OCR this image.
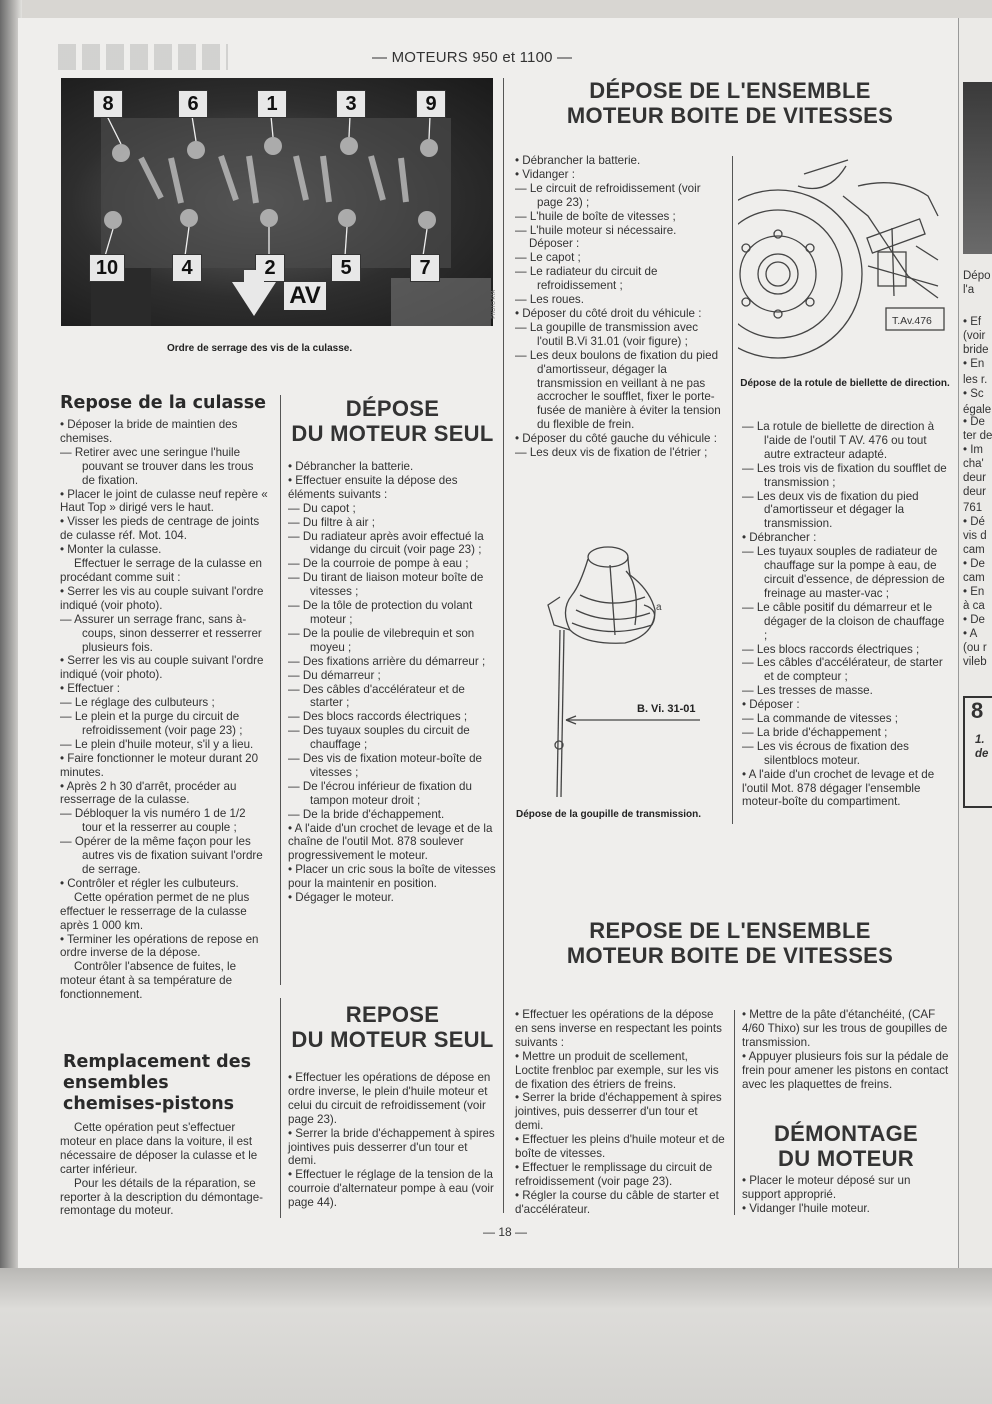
Dépo
l'a
• Ef
(voir
bride
• En
les r.
• Sc
égale
• De
ter de
• Im
cha'
deur
deur
761
• Dé
vis d
cam
• De
cam
• En
à ca
• De
• A
(ou r
vileb
8
1.
de
— MOTEURS 950 et 1100 —
8	6	1	3	9
10	4	2	5	7
AV	PHOTO RTA
Ordre de serrage des vis de la culasse.
Repose de la culasse

• Déposer la bride de maintien des chemises.

— Retirer avec une seringue l'huile pouvant se trouver dans les trous de fixation.

• Placer le joint de culasse neuf repère « Haut Top » dirigé vers le haut.

• Visser les pieds de centrage de joints de culasse réf. Mot. 104.

• Monter la culasse.

Effectuer le serrage de la culasse en procédant comme suit :

• Serrer les vis au couple suivant l'ordre indiqué (voir photo).

— Assurer un serrage franc, sans à-coups, sinon desserrer et resserrer plusieurs fois.

• Serrer les vis au couple suivant l'ordre indiqué (voir photo).

• Effectuer :

— Le réglage des culbuteurs ;

— Le plein et la purge du circuit de refroidissement (voir page 23) ;

— Le plein d'huile moteur, s'il y a lieu.

• Faire fonctionner le moteur durant 20 minutes.

• Après 2 h 30 d'arrêt, procéder au resserrage de la culasse.

— Débloquer la vis numéro 1 de 1/2 tour et la resserrer au couple ;

— Opérer de la même façon pour les autres vis de fixation suivant l'ordre de serrage.

• Contrôler et régler les culbuteurs.

Cette opération permet de ne plus effectuer le resserrage de la culasse après 1 000 km.

• Terminer les opérations de repose en ordre inverse de la dépose.

Contrôler l'absence de fuites, le moteur étant à sa température de fonctionnement.

Remplacement des ensembles chemises-pistons

Cette opération peut s'effectuer moteur en place dans la voiture, il est nécessaire de déposer la culasse et le carter inférieur.

Pour les détails de la réparation, se reporter à la description du démontage-remontage du moteur.

DÉPOSE
DU MOTEUR SEUL

• Débrancher la batterie.

• Effectuer ensuite la dépose des éléments suivants :

— Du capot ;

— Du filtre à air ;

— Du radiateur après avoir effectué la vidange du circuit (voir page 23) ;

— De la courroie de pompe à eau ;

— Du tirant de liaison moteur boîte de vitesses ;

— De la tôle de protection du volant moteur ;

— De la poulie de vilebrequin et son moyeu ;

— Des fixations arrière du démarreur ;

— Du démarreur ;

— Des câbles d'accélérateur et de starter ;

— Des blocs raccords électriques ;

— Des tuyaux souples du circuit de chauffage ;

— Des vis de fixation moteur-boîte de vitesses ;

— De l'écrou inférieur de fixation du tampon moteur droit ;

— De la bride d'échappement.

• A l'aide d'un crochet de levage et de la chaîne de l'outil Mot. 878 soulever progressivement le moteur.

• Placer un cric sous la boîte de vitesses pour la maintenir en position.

• Dégager le moteur.

REPOSE
DU MOTEUR SEUL

• Effectuer les opérations de dépose en ordre inverse, le plein d'huile moteur et celui du circuit de refroidissement (voir page 23).

• Serrer la bride d'échappement à spires jointives puis desserrer d'un tour et demi.

• Effectuer le réglage de la tension de la courroie d'alternateur pompe à eau (voir page 44).

DÉPOSE DE L'ENSEMBLE
MOTEUR BOITE DE VITESSES

• Débrancher la batterie.

• Vidanger :

— Le circuit de refroidissement (voir page 23) ;

— L'huile de boîte de vitesses ;

— L'huile moteur si nécessaire.

Déposer :

— Le capot ;

— Le radiateur du circuit de refroidissement ;

— Les roues.

• Déposer du côté droit du véhicule :

— La goupille de transmission avec l'outil B.Vi 31.01 (voir figure) ;

— Les deux boulons de fixation du pied d'amortisseur, dégager la transmission en veillant à ne pas accrocher le soufflet, fixer le porte-fusée de manière à éviter la tension du flexible de frein.

• Déposer du côté gauche du véhicule :

— Les deux vis de fixation de l'étrier ;

a
B. Vi. 31-01
Dépose de la goupille de transmission.
T.Av.476
Dépose de la rotule de biellette de direction.

— La rotule de biellette de direction à l'aide de l'outil T AV. 476 ou tout autre extracteur adapté.

— Les trois vis de fixation du soufflet de transmission ;

— Les deux vis de fixation du pied d'amortisseur et dégager la transmission.

• Débrancher :

— Les tuyaux souples de radiateur de chauffage sur la pompe à eau, de circuit d'essence, de dépression de freinage au master-vac ;

— Le câble positif du démarreur et le dégager de la cloison de chauffage ;

— Les blocs raccords électriques ;

— Les câbles d'accélérateur, de starter et de compteur ;

— Les tresses de masse.

• Déposer :

— La commande de vitesses ;

— La bride d'échappement ;

— Les vis écrous de fixation des silentblocs moteur.

• A l'aide d'un crochet de levage et de l'outil Mot. 878 dégager l'ensemble moteur-boîte du compartiment.

REPOSE DE L'ENSEMBLE
MOTEUR BOITE DE VITESSES

• Effectuer les opérations de la dépose en sens inverse en respectant les points suivants :

• Mettre un produit de scellement, Loctite frenbloc par exemple, sur les vis de fixation des étriers de freins.

• Serrer la bride d'échappement à spires jointives, puis desserrer d'un tour et demi.

• Effectuer les pleins d'huile moteur et de boîte de vitesses.

• Effectuer le remplissage du circuit de refroidissement (voir page 23).

• Régler la course du câble de starter et d'accélérateur.

• Mettre de la pâte d'étanchéité, (CAF 4/60 Thixo) sur les trous de goupilles de transmission.

• Appuyer plusieurs fois sur la pédale de frein pour amener les pistons en contact avec les plaquettes de freins.

DÉMONTAGE
DU MOTEUR

• Placer le moteur déposé sur un support approprié.

• Vidanger l'huile moteur.

— 18 —
